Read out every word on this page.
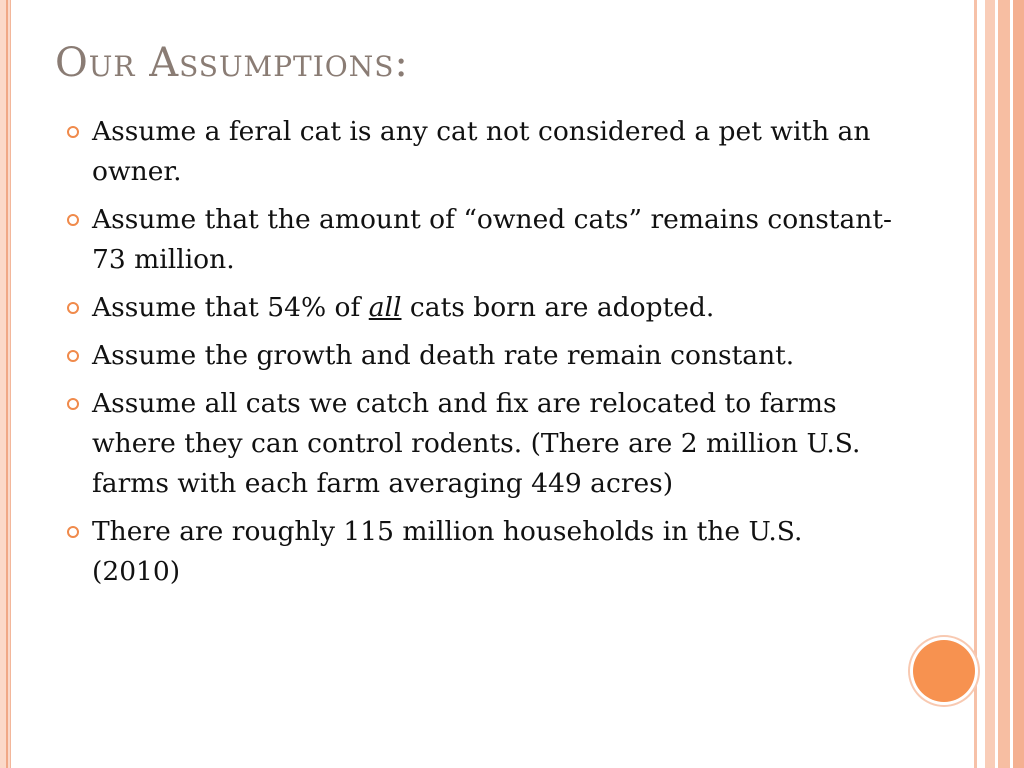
Our Assumptions:
Assume a feral cat is any cat not considered a pet with an owner.
Assume that the amount of “owned cats” remains constant- 73 million.
Assume that 54% of all cats born are adopted.
Assume the growth and death rate remain constant.
Assume all cats we catch and fix are relocated to farms where they can control rodents. (There are 2 million U.S. farms with each farm averaging 449 acres)
There are roughly 115 million households in the U.S. (2010)
